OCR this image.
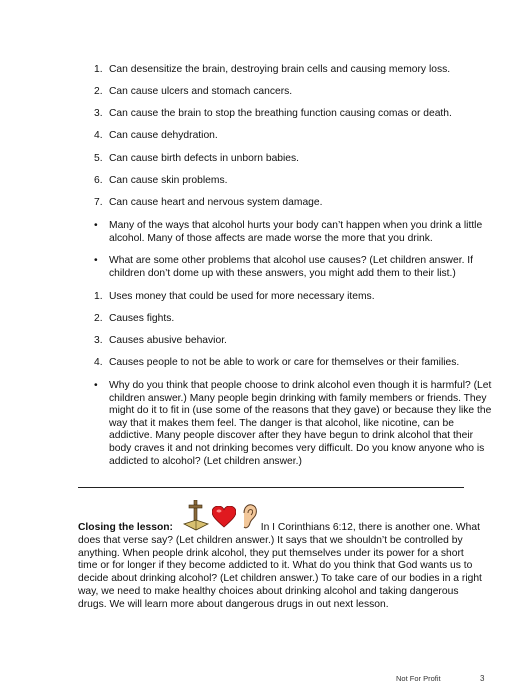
1. Can desensitize the brain, destroying brain cells and causing memory loss.
2. Can cause ulcers and stomach cancers.
3. Can cause the brain to stop the breathing function causing comas or death.
4. Can cause dehydration.
5. Can cause birth defects in unborn babies.
6. Can cause skin problems.
7. Can cause heart and nervous system damage.
•	Many of the ways that alcohol hurts your body can’t happen when you drink a little alcohol. Many of those affects are made worse the more that you drink.
•	What are some other problems that alcohol use causes? (Let children answer. If children don’t dome up with these answers, you might add them to their list.)
1. Uses money that could be used for more necessary items.
2. Causes fights.
3. Causes abusive behavior.
4. Causes people to not be able to work or care for themselves or their families.
•	Why do you think that people choose to drink alcohol even though it is harmful? (Let children answer.) Many people begin drinking with family members or friends. They might do it to fit in (use some of the reasons that they gave) or because they like the way that it makes them feel. The danger is that alcohol, like nicotine, can be addictive. Many people discover after they have begun to drink alcohol that their body craves it and not drinking becomes very difficult. Do you know anyone who is addicted to alcohol? (Let children answer.)
Closing the lesson:	In I Corinthians 6:12, there is another one. What does that verse say? (Let children answer.) It says that we shouldn’t be controlled by anything. When people drink alcohol, they put themselves under its power for a short time or for longer if they become addicted to it. What do you think that God wants us to decide about drinking alcohol? (Let children answer.) To take care of our bodies in a right way, we need to make healthy choices about drinking alcohol and taking dangerous drugs. We will learn more about dangerous drugs in out next lesson.
Not For Profit	3
